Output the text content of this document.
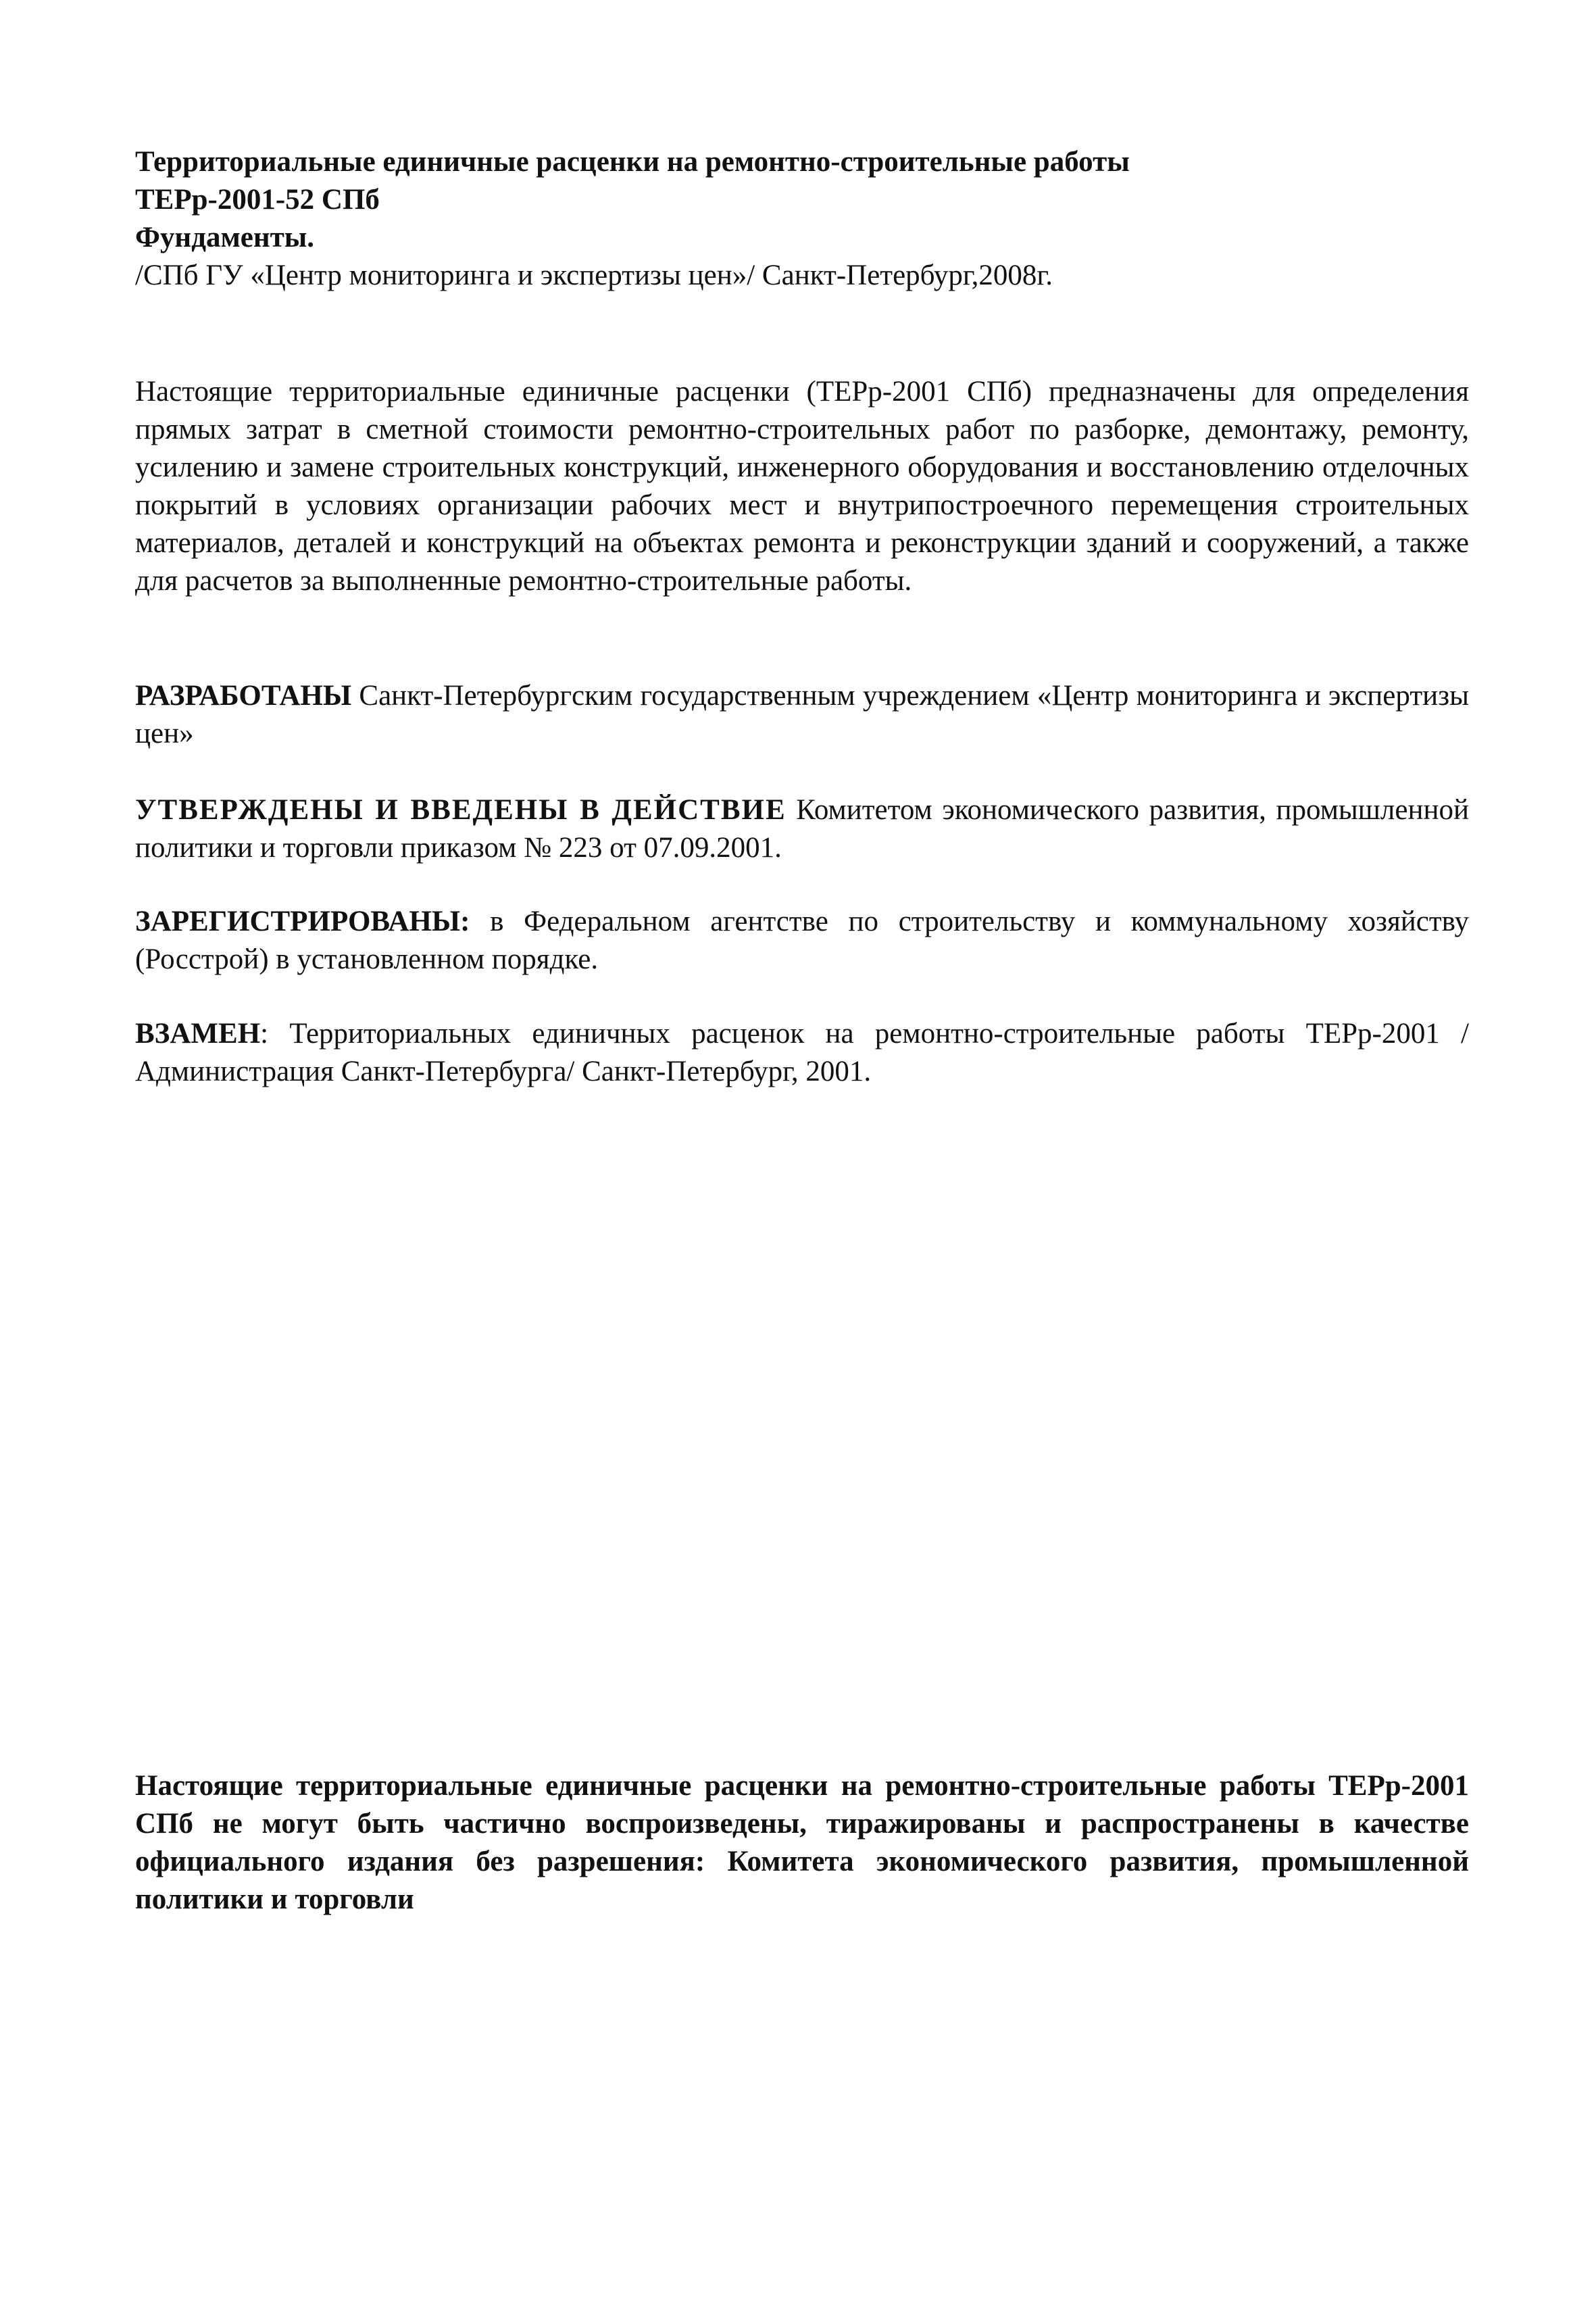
Территориальные единичные расценки на ремонтно-строительные работы
ТЕРр-2001-52 СПб
Фундаменты.
/СПб ГУ «Центр мониторинга и экспертизы цен»/ Санкт-Петербург,2008г.
Настоящие территориальные единичные расценки (ТЕРр-2001 СПб) предназначены для определения прямых затрат в сметной стоимости ремонтно-строительных работ по разборке, демонтажу, ремонту, усилению и замене строительных конструкций, инженерного оборудования и восстановлению отделочных покрытий в условиях организации рабочих мест и внутрипостроечного перемещения строительных материалов, деталей и конструкций на объектах ремонта и реконструкции зданий и сооружений, а также для расчетов за выполненные ремонтно-строительные работы.
РАЗРАБОТАНЫ Санкт-Петербургским государственным учреждением «Центр мониторинга и экспертизы цен»
УТВЕРЖДЕНЫ И ВВЕДЕНЫ В ДЕЙСТВИЕ Комитетом экономического развития, промышленной политики и торговли приказом № 223 от 07.09.2001.
ЗАРЕГИСТРИРОВАНЫ: в Федеральном агентстве по строительству и коммунальному хозяйству (Росстрой) в установленном порядке.
ВЗАМЕН: Территориальных единичных расценок на ремонтно-строительные работы ТЕРр-2001 /Администрация Санкт-Петербурга/ Санкт-Петербург, 2001.
Настоящие территориальные единичные расценки на ремонтно-строительные работы ТЕРр-2001 СПб не могут быть частично воспроизведены, тиражированы и распространены в качестве официального издания без разрешения: Комитета экономического развития, промышленной политики и торговли
